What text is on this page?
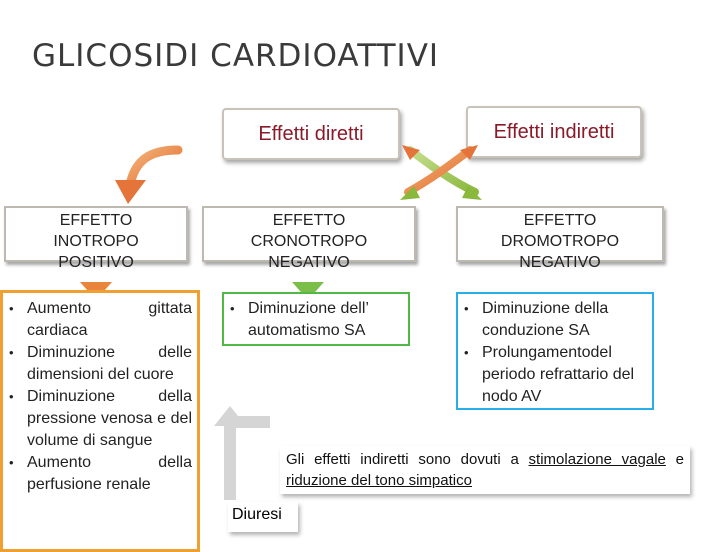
GLICOSIDI CARDIOATTIVI
Effetti diretti	Effetti indiretti
EFFETTO
INOTROPO
POSITIVO
EFFETTO
CRONOTROPO
NEGATIVO
EFFETTO
DROMOTROPO
NEGATIVO
• Aumento gittata cardiaca
• Diminuzione delle dimensioni del cuore
• Diminuzione della pressione venosa e del volume di sangue
• Aumento della perfusione renale
• Diminuzione dell’ automatismo SA
• Diminuzione della conduzione SA
• Prolungamentodel periodo refrattario del nodo AV
Gli effetti indiretti sono dovuti a stimolazione vagale e riduzione del tono simpatico
Diuresi
